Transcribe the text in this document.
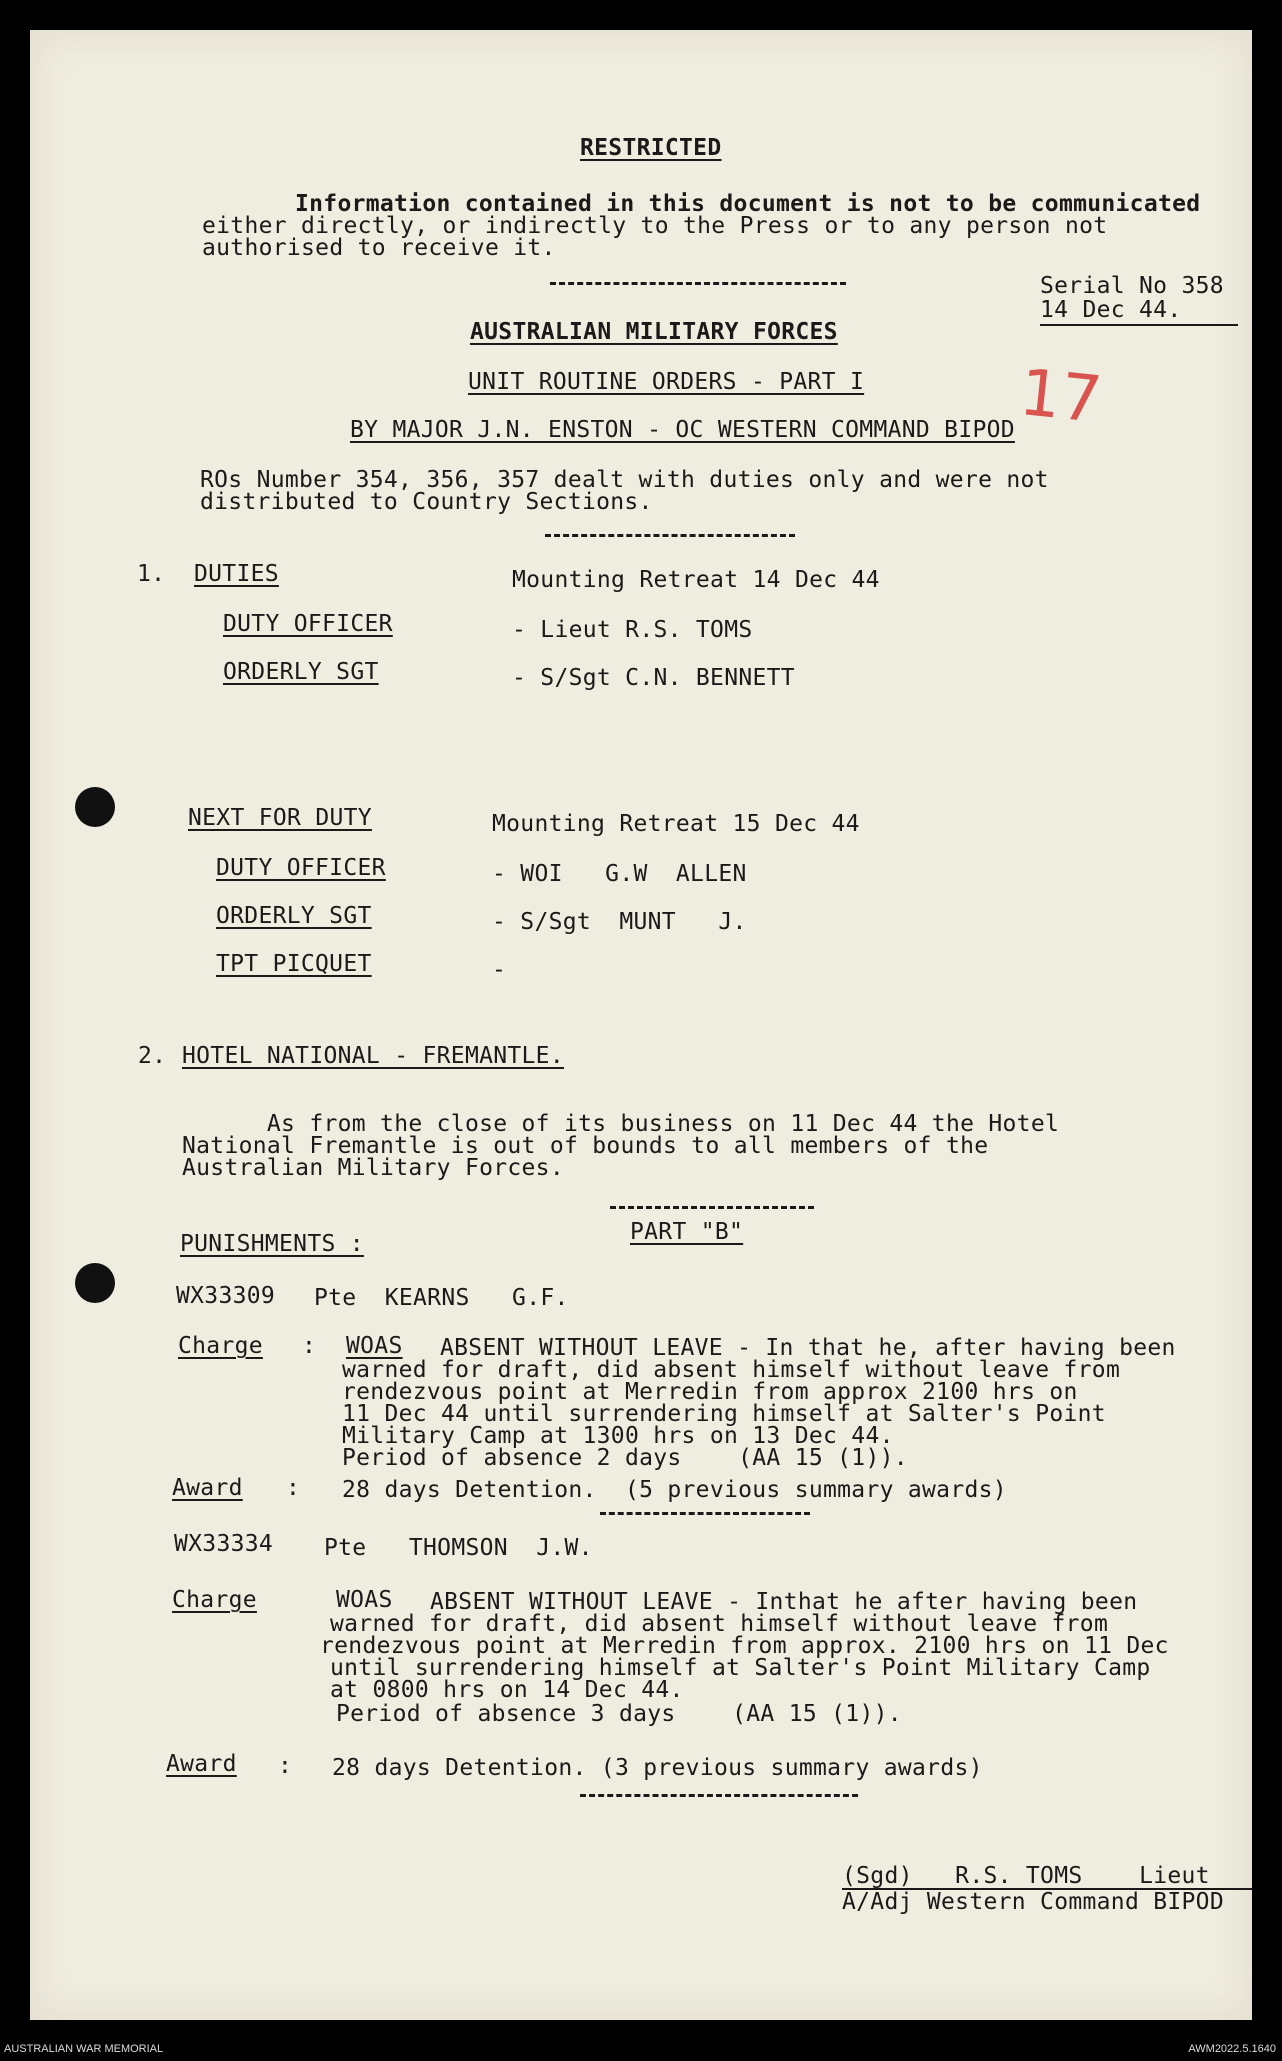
RESTRICTED
Information contained in this document is not to be communicated
either directly, or indirectly to the Press or to any person not
authorised to receive it.
Serial No 358
14 Dec 44.
AUSTRALIAN MILITARY FORCES
UNIT ROUTINE ORDERS - PART I
BY MAJOR J.N. ENSTON - OC WESTERN COMMAND BIPOD 17
ROs Number 354, 356, 357 dealt with duties only and were not
distributed to Country Sections.
1. DUTIES	Mounting Retreat 14 Dec 44
DUTY OFFICER	- Lieut R.S. TOMS
ORDERLY SGT	- S/Sgt C.N. BENNETT
NEXT FOR DUTY	Mounting Retreat 15 Dec 44
DUTY OFFICER	- WOI   G.W  ALLEN
ORDERLY SGT	- S/Sgt  MUNT   J.
TPT PICQUET	-
2. HOTEL NATIONAL - FREMANTLE.
As from the close of its business on 11 Dec 44 the Hotel
National Fremantle is out of bounds to all members of the
Australian Military Forces.
PART "B"
PUNISHMENTS :
WX33309 Pte  KEARNS   G.F.
Charge : WOAS ABSENT WITHOUT LEAVE - In that he, after having been
warned for draft, did absent himself without leave from
rendezvous point at Merredin from approx 2100 hrs on
11 Dec 44 until surrendering himself at Salter's Point
Military Camp at 1300 hrs on 13 Dec 44.
Period of absence 2 days    (AA 15 (1)).
Award : 28 days Detention.  (5 previous summary awards)
WX33334 Pte   THOMSON  J.W.
Charge	WOAS ABSENT WITHOUT LEAVE - Inthat he after having been
warned for draft, did absent himself without leave from
rendezvous point at Merredin from approx. 2100 hrs on 11 Dec
until surrendering himself at Salter's Point Military Camp
at 0800 hrs on 14 Dec 44.
Period of absence 3 days    (AA 15 (1)).
Award : 28 days Detention. (3 previous summary awards)
(Sgd)   R.S. TOMS    Lieut
A/Adj Western Command BIPOD
AUSTRALIAN WAR MEMORIAL	AWM2022.5.1640
